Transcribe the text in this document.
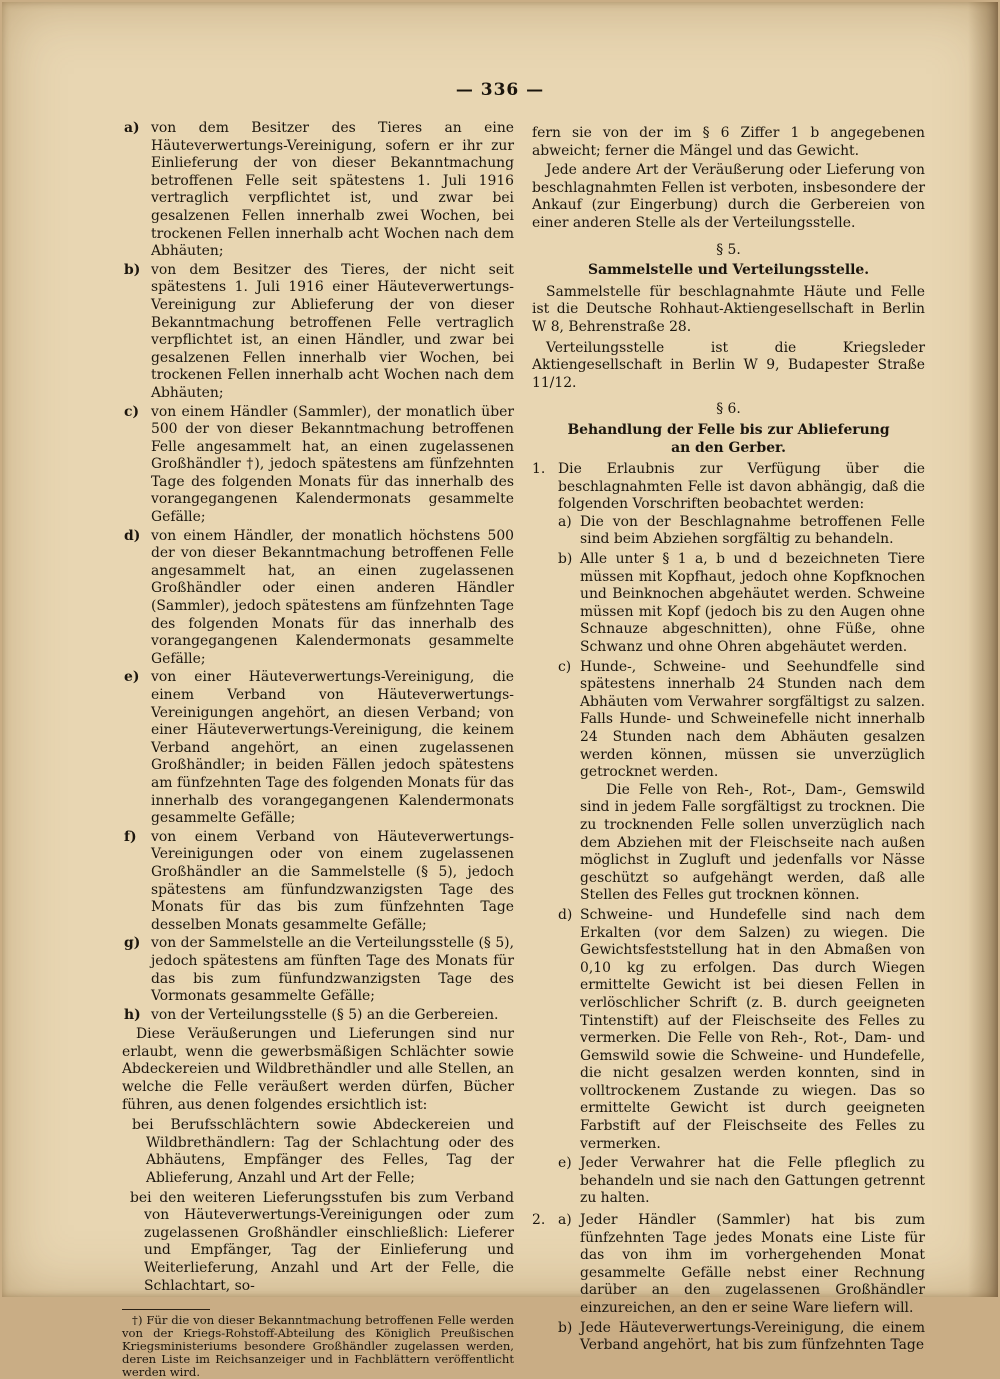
— 336 —
a) von dem Besitzer des Tieres an eine Häuteverwertungs-Vereinigung, sofern er ihr zur Einlieferung der von dieser Bekanntmachung betroffenen Felle seit spätestens 1. Juli 1916 vertraglich verpflichtet ist, und zwar bei gesalzenen Fellen innerhalb zwei Wochen, bei trockenen Fellen innerhalb acht Wochen nach dem Abhäuten;

b) von dem Besitzer des Tieres, der nicht seit spätestens 1. Juli 1916 einer Häuteverwertungs-Vereinigung zur Ablieferung der von dieser Bekanntmachung betroffenen Felle vertraglich verpflichtet ist, an einen Händler, und zwar bei gesalzenen Fellen innerhalb vier Wochen, bei trockenen Fellen innerhalb acht Wochen nach dem Abhäuten;

c) von einem Händler (Sammler), der monatlich über 500 der von dieser Bekanntmachung betroffenen Felle angesammelt hat, an einen zugelassenen Großhändler †), jedoch spätestens am fünfzehnten Tage des folgenden Monats für das innerhalb des vorangegangenen Kalendermonats gesammelte Gefälle;

d) von einem Händler, der monatlich höchstens 500 der von dieser Bekanntmachung betroffenen Felle angesammelt hat, an einen zugelassenen Großhändler oder einen anderen Händler (Sammler), jedoch spätestens am fünfzehnten Tage des folgenden Monats für das innerhalb des vorangegangenen Kalendermonats gesammelte Gefälle;

e) von einer Häuteverwertungs-Vereinigung, die einem Verband von Häuteverwertungs-Vereinigungen angehört, an diesen Verband; von einer Häuteverwertungs-Vereinigung, die keinem Verband angehört, an einen zugelassenen Großhändler; in beiden Fällen jedoch spätestens am fünfzehnten Tage des folgenden Monats für das innerhalb des vorangegangenen Kalendermonats gesammelte Gefälle;

f) von einem Verband von Häuteverwertungs-Vereinigungen oder von einem zugelassenen Großhändler an die Sammelstelle (§ 5), jedoch spätestens am fünfundzwanzigsten Tage des Monats für das bis zum fünfzehnten Tage desselben Monats gesammelte Gefälle;

g) von der Sammelstelle an die Verteilungsstelle (§ 5), jedoch spätestens am fünften Tage des Monats für das bis zum fünfundzwanzigsten Tage des Vormonats gesammelte Gefälle;

h) von der Verteilungsstelle (§ 5) an die Gerbereien.

Diese Veräußerungen und Lieferungen sind nur erlaubt, wenn die gewerbsmäßigen Schlächter sowie Abdeckereien und Wildbrethändler und alle Stellen, an welche die Felle veräußert werden dürfen, Bücher führen, aus denen folgendes ersichtlich ist:

bei Berufsschlächtern sowie Abdeckereien und Wildbrethändlern: Tag der Schlachtung oder des Abhäutens, Empfänger des Felles, Tag der Ablieferung, Anzahl und Art der Felle;

bei den weiteren Lieferungsstufen bis zum Verband von Häuteverwertungs-Vereinigungen oder zum zugelassenen Großhändler einschließlich: Lieferer und Empfänger, Tag der Einlieferung und Weiterlieferung, Anzahl und Art der Felle, die Schlachtart, so-

†) Für die von dieser Bekanntmachung betroffenen Felle werden von der Kriegs-Rohstoff-Abteilung des Königlich Preußischen Kriegsministeriums besondere Großhändler zugelassen werden, deren Liste im Reichsanzeiger und in Fachblättern veröffentlicht werden wird.

fern sie von der im § 6 Ziffer 1 b angegebenen abweicht; ferner die Mängel und das Gewicht.

Jede andere Art der Veräußerung oder Lieferung von beschlagnahmten Fellen ist verboten, insbesondere der Ankauf (zur Eingerbung) durch die Gerbereien von einer anderen Stelle als der Verteilungsstelle.

§ 5.
Sammelstelle und Verteilungsstelle.

Sammelstelle für beschlagnahmte Häute und Felle ist die Deutsche Rohhaut-Aktiengesellschaft in Berlin W 8, Behrenstraße 28.

Verteilungsstelle ist die Kriegsleder Aktiengesellschaft in Berlin W 9, Budapester Straße 11/12.

§ 6.
Behandlung der Felle bis zur Ablieferung
an den Gerber.
1. Die Erlaubnis zur Verfügung über die beschlagnahmten Felle ist davon abhängig, daß die folgenden Vorschriften beobachtet werden:

a) Die von der Beschlagnahme betroffenen Felle sind beim Abziehen sorgfältig zu behandeln.

b) Alle unter § 1 a, b und d bezeichneten Tiere müssen mit Kopfhaut, jedoch ohne Kopfknochen und Beinknochen abgehäutet werden. Schweine müssen mit Kopf (jedoch bis zu den Augen ohne Schnauze abgeschnitten), ohne Füße, ohne Schwanz und ohne Ohren abgehäutet werden.

c) Hunde-, Schweine- und Seehundfelle sind spätestens innerhalb 24 Stunden nach dem Abhäuten vom Verwahrer sorgfältigst zu salzen. Falls Hunde- und Schweinefelle nicht innerhalb 24 Stunden nach dem Abhäuten gesalzen werden können, müssen sie unverzüglich getrocknet werden.

Die Felle von Reh-, Rot-, Dam-, Gemswild sind in jedem Falle sorgfältigst zu trocknen. Die zu trocknenden Felle sollen unverzüglich nach dem Abziehen mit der Fleischseite nach außen möglichst in Zugluft und jedenfalls vor Nässe geschützt so aufgehängt werden, daß alle Stellen des Felles gut trocknen können.

d) Schweine- und Hundefelle sind nach dem Erkalten (vor dem Salzen) zu wiegen. Die Gewichtsfeststellung hat in den Abmaßen von 0,10 kg zu erfolgen. Das durch Wiegen ermittelte Gewicht ist bei diesen Fellen in verlöschlicher Schrift (z. B. durch geeigneten Tintenstift) auf der Fleischseite des Felles zu vermerken. Die Felle von Reh-, Rot-, Dam- und Gemswild sowie die Schweine- und Hundefelle, die nicht gesalzen werden konnten, sind in volltrockenem Zustande zu wiegen. Das so ermittelte Gewicht ist durch geeigneten Farbstift auf der Fleischseite des Felles zu vermerken.

e) Jeder Verwahrer hat die Felle pfleglich zu behandeln und sie nach den Gattungen getrennt zu halten.

2. a) Jeder Händler (Sammler) hat bis zum fünfzehnten Tage jedes Monats eine Liste für das von ihm im vorhergehenden Monat gesammelte Gefälle nebst einer Rechnung darüber an den zugelassenen Großhändler einzureichen, an den er seine Ware liefern will.

b) Jede Häuteverwertungs-Vereinigung, die einem Verband angehört, hat bis zum fünfzehnten Tage
